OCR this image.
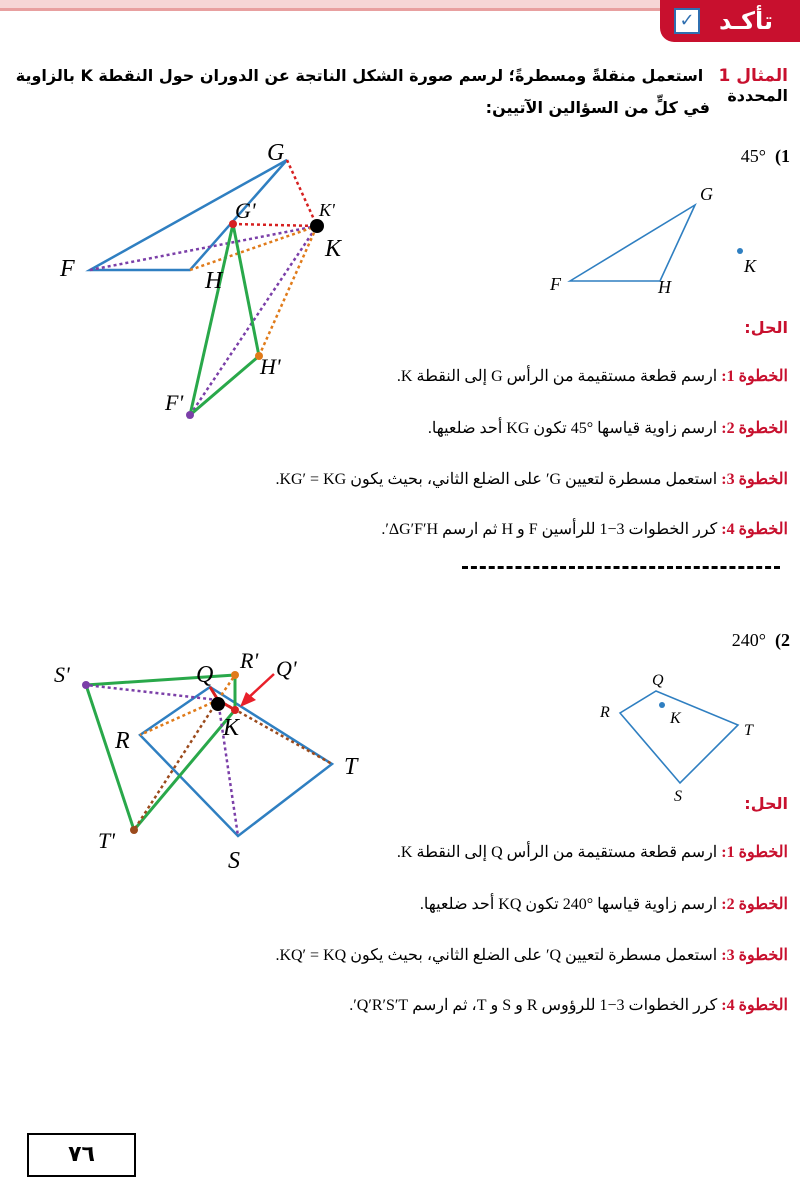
✓	تأكـد
المثال 1   استعمل منقلةً ومسطرةً؛ لرسم صورة الشكل الناتجة عن الدوران حول النقطة K بالزاوية المحددة
في كلٍّ من السؤالين الآتيين:
45° (1
G
F	H
K
G
F	H
K
K'
G'
H'
F'
الحل:
الخطوة 1: ارسم قطعة مستقيمة من الرأس G إلى النقطة K.
الخطوة 2: ارسم زاوية قياسها °45 تكون KG أحد ضلعيها.
الخطوة 3: استعمل مسطرة لتعيين G′ على الضلع الثاني، بحيث يكون KG′ = KG.
الخطوة 4: كرر الخطوات 3−1 للرأسين F و H ثم ارسم ΔG′F′H′.
240° (2
Q
R	K
T
S
Q
R	K
T
S
R'
S'	Q'
T'
الحل:
الخطوة 1: ارسم قطعة مستقيمة من الرأس Q إلى النقطة K.
الخطوة 2: ارسم زاوية قياسها °240 تكون KQ أحد ضلعيها.
الخطوة 3: استعمل مسطرة لتعيين Q′ على الضلع الثاني، بحيث يكون KQ′ = KQ.
الخطوة 4: كرر الخطوات 3−1 للرؤوس R و S و T، ثم ارسم Q′R′S′T′.
٧٦
